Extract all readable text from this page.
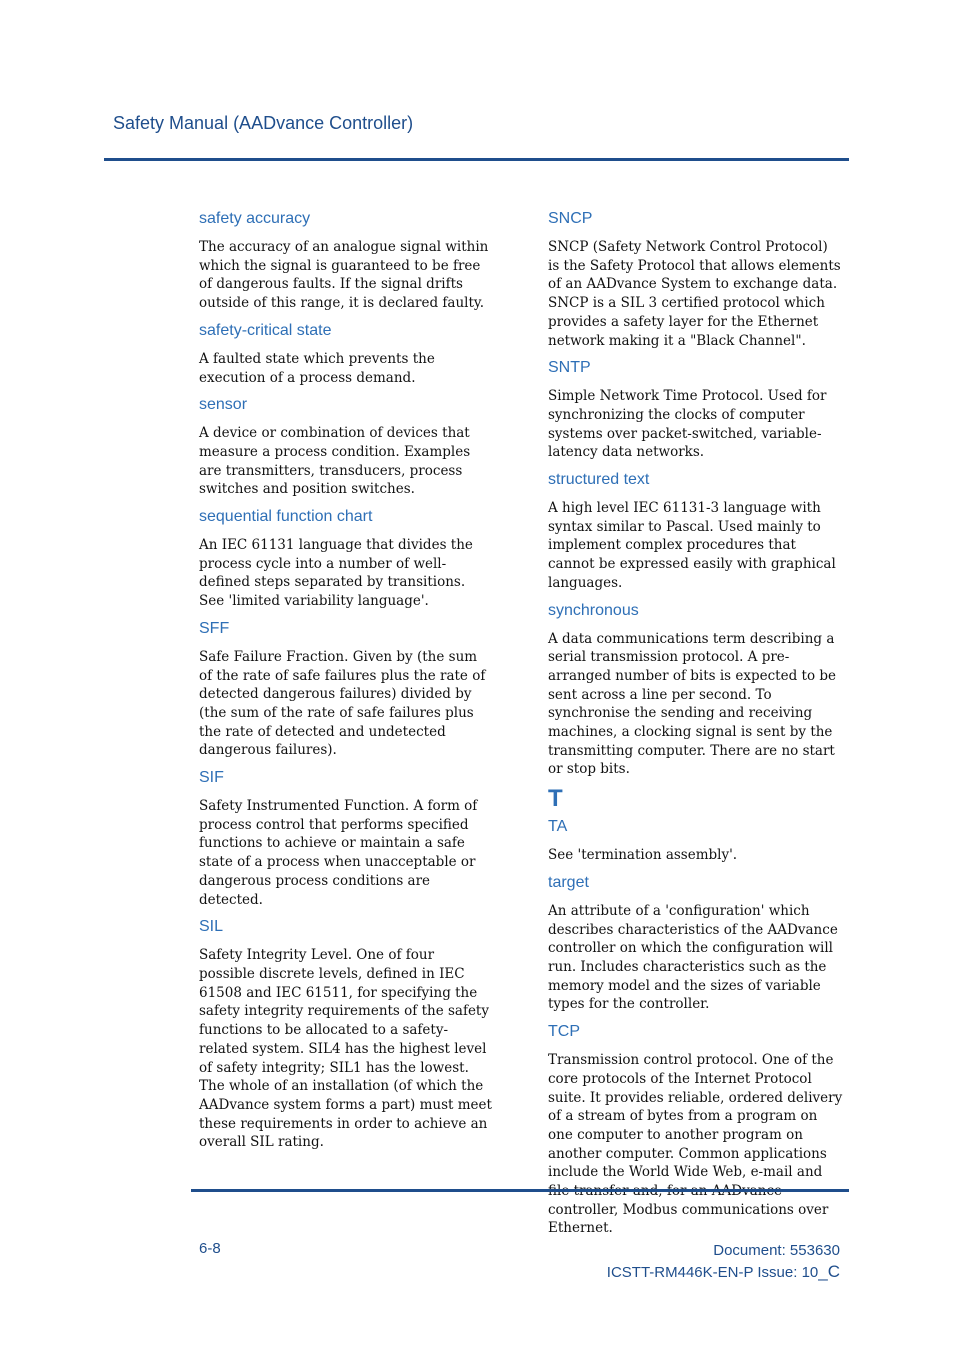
Safety Manual (AADvance Controller)
safety accuracy
The accuracy of an analogue signal within which the signal is guaranteed to be free of dangerous faults. If the signal drifts outside of this range, it is declared faulty.
safety-critical state
A faulted state which prevents the execution of a process demand.
sensor
A device or combination of devices that measure a process condition. Examples are transmitters, transducers, process switches and position switches.
sequential function chart
An IEC 61131 language that divides the process cycle into a number of well-defined steps separated by transitions. See 'limited variability language'.
SFF
Safe Failure Fraction. Given by (the sum of the rate of safe failures plus the rate of detected dangerous failures) divided by (the sum of the rate of safe failures plus the rate of detected and undetected dangerous failures).
SIF
Safety Instrumented Function. A form of process control that performs specified functions to achieve or maintain a safe state of a process when unacceptable or dangerous process conditions are detected.
SIL
Safety Integrity Level. One of four possible discrete levels, defined in IEC 61508 and IEC 61511, for specifying the safety integrity requirements of the safety functions to be allocated to a safety-related system. SIL4 has the highest level of safety integrity; SIL1 has the lowest.
The whole of an installation (of which the AADvance system forms a part) must meet these requirements in order to achieve an overall SIL rating.
SNCP
SNCP (Safety Network Control Protocol) is the Safety Protocol that allows elements of an AADvance System to exchange data. SNCP is a SIL 3 certified protocol which provides a safety layer for the Ethernet network making it a "Black Channel".
SNTP
Simple Network Time Protocol. Used for synchronizing the clocks of computer systems over packet-switched, variable-latency data networks.
structured text
A high level IEC 61131-3 language with syntax similar to Pascal. Used mainly to implement complex procedures that cannot be expressed easily with graphical languages.
synchronous
A data communications term describing a serial transmission protocol. A pre-arranged number of bits is expected to be sent across a line per second. To synchronise the sending and receiving machines, a clocking signal is sent by the transmitting computer. There are no start or stop bits.
T
TA
See 'termination assembly'.
target
An attribute of a 'configuration' which describes characteristics of the AADvance controller on which the configuration will run. Includes characteristics such as the memory model and the sizes of variable types for the controller.
TCP
Transmission control protocol. One of the core protocols of the Internet Protocol suite. It provides reliable, ordered delivery of a stream of bytes from a program on one computer to another program on another computer. Common applications include the World Wide Web, e-mail and controller, Modbus communications over Ethernet.
6-8	Document: 553630
ICSTT-RM446K-EN-P Issue: 10_C
